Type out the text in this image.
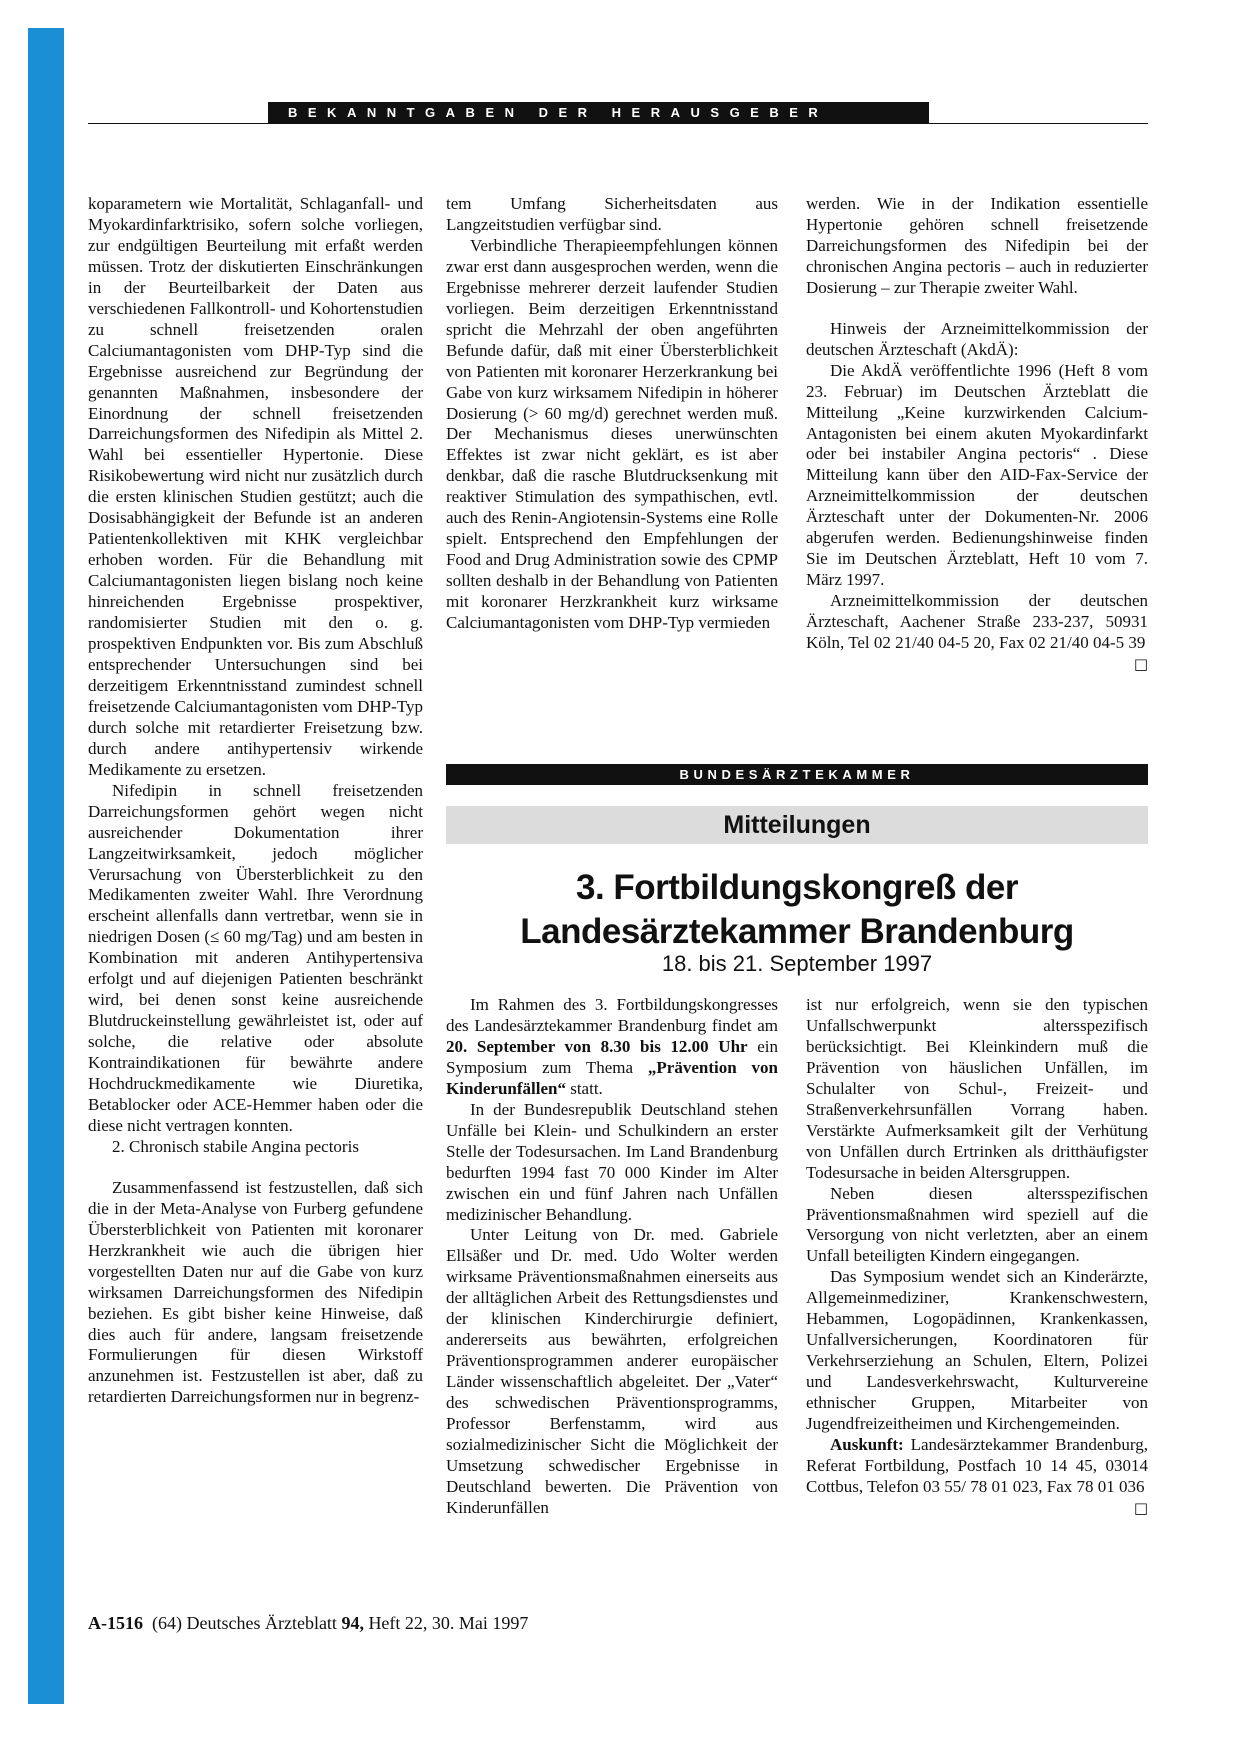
BEKANNTGABEN DER HERAUSGEBER

koparametern wie Mortalität, Schlaganfall- und Myokardinfarktrisiko, sofern solche vorliegen, zur endgültigen Beurteilung mit erfaßt werden müssen. Trotz der diskutierten Einschränkungen in der Beurteilbarkeit der Daten aus verschiedenen Fallkontroll- und Kohortenstudien zu schnell freisetzenden oralen Calciumantagonisten vom DHP-Typ sind die Ergebnisse ausreichend zur Begründung der genannten Maßnahmen, insbesondere der Einordnung der schnell freisetzenden Darreichungsformen des Nifedipin als Mittel 2. Wahl bei essentieller Hypertonie. Diese Risikobewertung wird nicht nur zusätzlich durch die ersten klinischen Studien gestützt; auch die Dosisabhängigkeit der Befunde ist an anderen Patientenkollektiven mit KHK vergleichbar erhoben worden. Für die Behandlung mit Calciumantagonisten liegen bislang noch keine hinreichenden Ergebnisse prospektiver, randomisierter Studien mit den o. g. prospektiven Endpunkten vor. Bis zum Abschluß entsprechender Untersuchungen sind bei derzeitigem Erkenntnisstand zumindest schnell freisetzende Calciumantagonisten vom DHP-Typ durch solche mit retardierter Freisetzung bzw. durch andere antihypertensiv wirkende Medikamente zu ersetzen.

Nifedipin in schnell freisetzenden Darreichungsformen gehört wegen nicht ausreichender Dokumentation ihrer Langzeitwirksamkeit, jedoch möglicher Verursachung von Übersterblichkeit zu den Medikamenten zweiter Wahl. Ihre Verordnung erscheint allenfalls dann vertretbar, wenn sie in niedrigen Dosen (≤ 60 mg/Tag) und am besten in Kombination mit anderen Antihypertensiva erfolgt und auf diejenigen Patienten beschränkt wird, bei denen sonst keine ausreichende Blutdruckeinstellung gewährleistet ist, oder auf solche, die relative oder absolute Kontraindikationen für bewährte andere Hochdruckmedikamente wie Diuretika, Betablocker oder ACE-Hemmer haben oder die diese nicht vertragen konnten.

2. Chronisch stabile Angina pectoris

Zusammenfassend ist festzustellen, daß sich die in der Meta-Analyse von Furberg gefundene Übersterblichkeit von Patienten mit koronarer Herzkrankheit wie auch die übrigen hier vorgestellten Daten nur auf die Gabe von kurz wirksamen Darreichungsformen des Nifedipin beziehen. Es gibt bisher keine Hinweise, daß dies auch für andere, langsam freisetzende Formulierungen für diesen Wirkstoff anzunehmen ist. Festzustellen ist aber, daß zu retardierten Darreichungsformen nur in begrenz-

tem Umfang Sicherheitsdaten aus Langzeitstudien verfügbar sind.

Verbindliche Therapieempfehlungen können zwar erst dann ausgesprochen werden, wenn die Ergebnisse mehrerer derzeit laufender Studien vorliegen. Beim derzeitigen Erkenntnisstand spricht die Mehrzahl der oben angeführten Befunde dafür, daß mit einer Übersterblichkeit von Patienten mit koronarer Herzerkrankung bei Gabe von kurz wirksamem Nifedipin in höherer Dosierung (> 60 mg/d) gerechnet werden muß. Der Mechanismus dieses unerwünschten Effektes ist zwar nicht geklärt, es ist aber denkbar, daß die rasche Blutdrucksenkung mit reaktiver Stimulation des sympathischen, evtl. auch des Renin-Angiotensin-Systems eine Rolle spielt. Entsprechend den Empfehlungen der Food and Drug Administration sowie des CPMP sollten deshalb in der Behandlung von Patienten mit koronarer Herzkrankheit kurz wirksame Calciumantagonisten vom DHP-Typ vermieden

werden. Wie in der Indikation essentielle Hypertonie gehören schnell freisetzende Darreichungsformen des Nifedipin bei der chronischen Angina pectoris – auch in reduzierter Dosierung – zur Therapie zweiter Wahl.

Hinweis der Arzneimittelkommission der deutschen Ärzteschaft (AkdÄ):

Die AkdÄ veröffentlichte 1996 (Heft 8 vom 23. Februar) im Deutschen Ärzteblatt die Mitteilung „Keine kurzwirkenden Calcium-Antagonisten bei einem akuten Myokardinfarkt oder bei instabiler Angina pectoris“ . Diese Mitteilung kann über den AID-Fax-Service der Arzneimittelkommission der deutschen Ärzteschaft unter der Dokumenten-Nr. 2006 abgerufen werden. Bedienungshinweise finden Sie im Deutschen Ärzteblatt, Heft 10 vom 7. März 1997.

Arzneimittelkommission der deutschen Ärzteschaft, Aachener Straße 233-237, 50931 Köln, Tel 02 21/40 04-5 20, Fax 02 21/40 04-5 39
□

BUNDESÄRZTEKAMMER
Mitteilungen
3. Fortbildungskongreß der
Landesärztekammer Brandenburg
18. bis 21. September 1997

Im Rahmen des 3. Fortbildungskongresses des Landesärztekammer Brandenburg findet am 20. September von 8.30 bis 12.00 Uhr ein Symposium zum Thema „Prävention von Kinderunfällen“ statt.

In der Bundesrepublik Deutschland stehen Unfälle bei Klein- und Schulkindern an erster Stelle der Todesursachen. Im Land Brandenburg bedurften 1994 fast 70 000 Kinder im Alter zwischen ein und fünf Jahren nach Unfällen medizinischer Behandlung.

Unter Leitung von Dr. med. Gabriele Ellsäßer und Dr. med. Udo Wolter werden wirksame Präventionsmaßnahmen einerseits aus der alltäglichen Arbeit des Rettungsdienstes und der klinischen Kinderchirurgie definiert, andererseits aus bewährten, erfolgreichen Präventionsprogrammen anderer europäischer Länder wissenschaftlich abgeleitet. Der „Vater“ des schwedischen Präventionsprogramms, Professor Berfenstamm, wird aus sozialmedizinischer Sicht die Möglichkeit der Umsetzung schwedischer Ergebnisse in Deutschland bewerten. Die Prävention von Kinderunfällen

ist nur erfolgreich, wenn sie den typischen Unfallschwerpunkt altersspezifisch berücksichtigt. Bei Kleinkindern muß die Prävention von häuslichen Unfällen, im Schulalter von Schul-, Freizeit- und Straßenverkehrsunfällen Vorrang haben. Verstärkte Aufmerksamkeit gilt der Verhütung von Unfällen durch Ertrinken als dritthäufigster Todesursache in beiden Altersgruppen.

Neben diesen altersspezifischen Präventionsmaßnahmen wird speziell auf die Versorgung von nicht verletzten, aber an einem Unfall beteiligten Kindern eingegangen.

Das Symposium wendet sich an Kinderärzte, Allgemeinmediziner, Krankenschwestern, Hebammen, Logopädinnen, Krankenkassen, Unfallversicherungen, Koordinatoren für Verkehrserziehung an Schulen, Eltern, Polizei und Landesverkehrswacht, Kulturvereine ethnischer Gruppen, Mitarbeiter von Jugendfreizeitheimen und Kirchengemeinden.

Auskunft: Landesärztekammer Brandenburg, Referat Fortbildung, Postfach 10 14 45, 03014 Cottbus, Telefon 03 55/ 78 01 023, Fax 78 01 036
□

A-1516  (64) Deutsches Ärzteblatt 94, Heft 22, 30. Mai 1997
